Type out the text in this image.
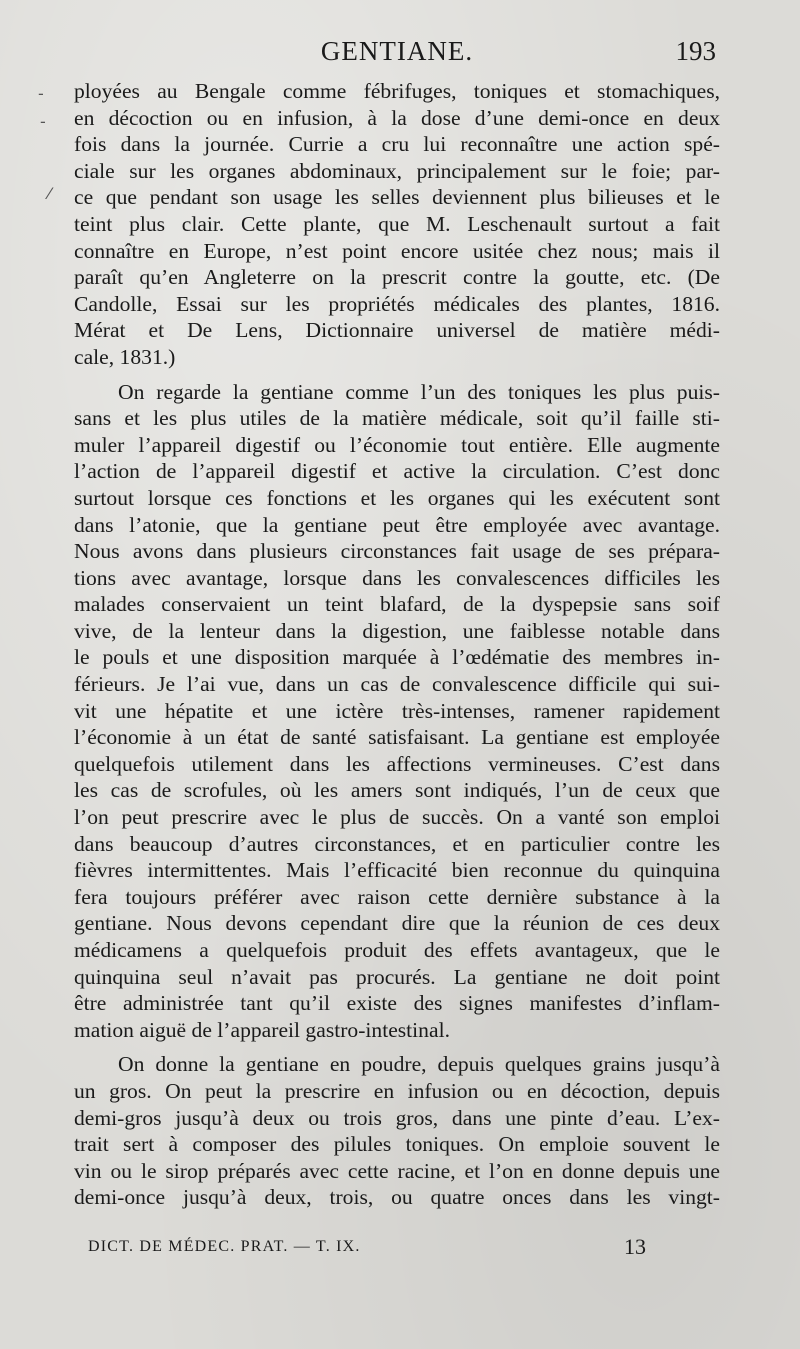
-
-
⁄
GENTIANE.	193
ployées au Bengale comme fébrifuges, toniques et stomachiques,
en décoction ou en infusion, à la dose d’une demi-once en deux
fois dans la journée. Currie a cru lui reconnaître une action spé-
ciale sur les organes abdominaux, principalement sur le foie; par-
ce que pendant son usage les selles deviennent plus bilieuses et le
teint plus clair. Cette plante, que M. Leschenault surtout a fait
connaître en Europe, n’est point encore usitée chez nous; mais il
paraît qu’en Angleterre on la prescrit contre la goutte, etc. (De
Candolle, Essai sur les propriétés médicales des plantes, 1816.
Mérat et De Lens, Dictionnaire universel de matière médi-
cale, 1831.)
On regarde la gentiane comme l’un des toniques les plus puis-
sans et les plus utiles de la matière médicale, soit qu’il faille sti-
muler l’appareil digestif ou l’économie tout entière. Elle augmente
l’action de l’appareil digestif et active la circulation. C’est donc
surtout lorsque ces fonctions et les organes qui les exécutent sont
dans l’atonie, que la gentiane peut être employée avec avantage.
Nous avons dans plusieurs circonstances fait usage de ses prépara-
tions avec avantage, lorsque dans les convalescences difficiles les
malades conservaient un teint blafard, de la dyspepsie sans soif
vive, de la lenteur dans la digestion, une faiblesse notable dans
le pouls et une disposition marquée à l’œdématie des membres in-
férieurs. Je l’ai vue, dans un cas de convalescence difficile qui sui-
vit une hépatite et une ictère très-intenses, ramener rapidement
l’économie à un état de santé satisfaisant. La gentiane est employée
quelquefois utilement dans les affections vermineuses. C’est dans
les cas de scrofules, où les amers sont indiqués, l’un de ceux que
l’on peut prescrire avec le plus de succès. On a vanté son emploi
dans beaucoup d’autres circonstances, et en particulier contre les
fièvres intermittentes. Mais l’efficacité bien reconnue du quinquina
fera toujours préférer avec raison cette dernière substance à la
gentiane. Nous devons cependant dire que la réunion de ces deux
médicamens a quelquefois produit des effets avantageux, que le
quinquina seul n’avait pas procurés. La gentiane ne doit point
être administrée tant qu’il existe des signes manifestes d’inflam-
mation aiguë de l’appareil gastro-intestinal.
On donne la gentiane en poudre, depuis quelques grains jusqu’à
un gros. On peut la prescrire en infusion ou en décoction, depuis
demi-gros jusqu’à deux ou trois gros, dans une pinte d’eau. L’ex-
trait sert à composer des pilules toniques. On emploie souvent le
vin ou le sirop préparés avec cette racine, et l’on en donne depuis une
demi-once jusqu’à deux, trois, ou quatre onces dans les vingt-
DICT. DE MÉDEC. PRAT. — T. IX.	13
